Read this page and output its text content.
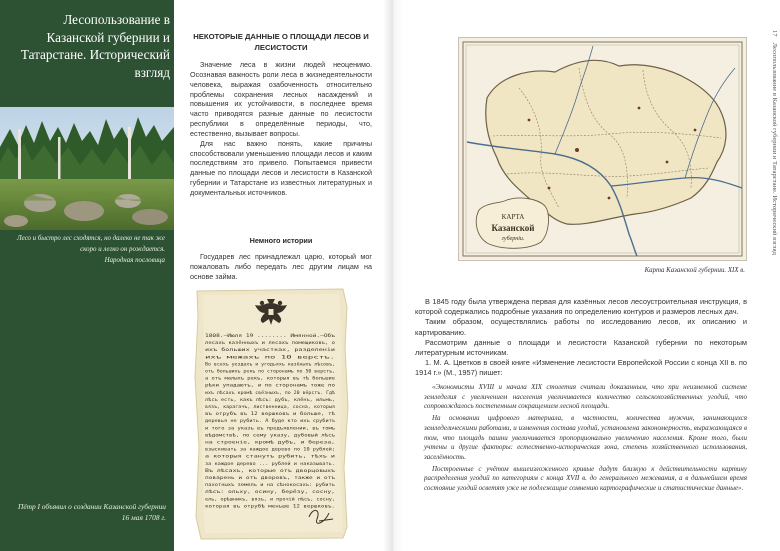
Лесопользование в Казанской губернии и Татарстане. Исторический взгляд

Лесо и быстро лес сходятся, но далеко не так же скоро и легко он рождается.

Народная пословица

Пётр I объявил о создании Казанской губернии 16 мая 1708 г.
НЕКОТОРЫЕ ДАННЫЕ О ПЛОЩАДИ ЛЕСОВ И ЛЕСИСТОСТИ

Значение леса в жизни людей неоценимо. Осознавая важность роли леса в жизнедеятельности человека, выражая озабоченность относительно проблемы сохранения лесных насаждений и повышения их устойчивости, в последнее время часто приводятся разные данные по лесистости республики в определённые периоды, что, естественно, вызывает вопросы.

Для нас важно понять, какие причины способствовали уменьшению площади лесов и каким последствиям это привело. Попытаемся привести данные по площади лесов и лесистости в Казанской губернии и Татарстане из известных литературных и документальных источников.

Немного истории

Государев лес принадлежал царю, который мог пожаловать либо передать лес другим лицам на основе займа.

1808.—Июля 19 ........ Имянной.—Объ
лесахъ казённыхъ и лесахъ помещиковъ, о
ихъ больших участках, разделеніи
ихъ межахъ по 10 верстъ.
Во всехъ уездахъ и угодьяхъ казёныхъ лѣсовъ,
отъ большихъ рекъ по сторонамъ по 50 верстъ,
а отъ малыхъ рекъ, которыя въ тѣ большие
рѣки упадаютъ, и по сторонамъ тоже по
ихъ лѣсахъ кромѣ свёзныхъ, по 20 вёрстъ. Гдѣ
лѣсъ есть, какъ лѣсъ: дубъ, клёнъ, ильмъ,
вязъ, карагачъ, лиственница, сосна, которыя
въ отрубъ въ 12 вершковъ и больше, тѣ
деревья не рубить. А буде кто ихъ срубитъ
и того за указъ въ предъявлении, въ томъ
вѣдомствѣ, по сему указу, дубовый лѣсъ
на строеніе, кромѣ дубъ, и береза,
взыскивать за каждое дерево по 10 рублей;
а которыя станутъ рубить, тѣхъ и
за каждое дерево ... рублей и наказывать.
Въ лѣсахъ, которые отъ дворцовыхъ
поварень и отъ дворовъ, также и отъ
пахотныхъ земель и на сѣнокосахъ: рубить
лѣсъ: ольху, осину, берёзу, сосну,
ель, орѣшникъ, вязъ, и прочій лѣсъ, сосну,
которая въ отрубѣ меньше 12 вершковъ.
КАРТА
Казанской
губерніи.
Карта Казанской губернии. XIX в.

В 1845 году была утверждена первая для казённых лесов лесоустроительная инструкция, в которой содержались подробные указания по определению контуров и размеров лесных дач.

Таким образом, осуществлялись работы по исследованию лесов, их описанию и картированию.

Рассмотрим данные о площади и лесистости Казанской губернии по некоторым литературным источникам.

1. М. А. Цветков в своей книге «Изменение лесистости Европейской России с конца XII в. по 1914 г.» (М., 1957) пишет:

«Экономисты XVIII и начала XIX столетия считали доказанным, что при неизменной системе земледелия с увеличением населения увеличивается количество сельскохозяйственных угодий, что сопровождалось постепенным сокращением лесной площади.

На основании цифрового материала, в частности, количества мужчин, занимающихся земледельческими работами, и изменения состава угодий, установлена закономерность, выражающаяся в том, что площадь пашни увеличивается пропорционально увеличению населения. Кроме того, были учтены и другие факторы: естественно-историческая зона, степень хозяйственного использования, заселённость.

Построенные с учётом вышеизложенного кривые дадут близкую к действительности картину распределения угодий по категориям с конца XVII в. до генерального межевания, а в дальнейшем время состояние угодий осветят уже не подлежащие сомнению картографические и статистические данные».

17Лесопользование в Казанской губернии и Татарстане. Исторический взгляд
